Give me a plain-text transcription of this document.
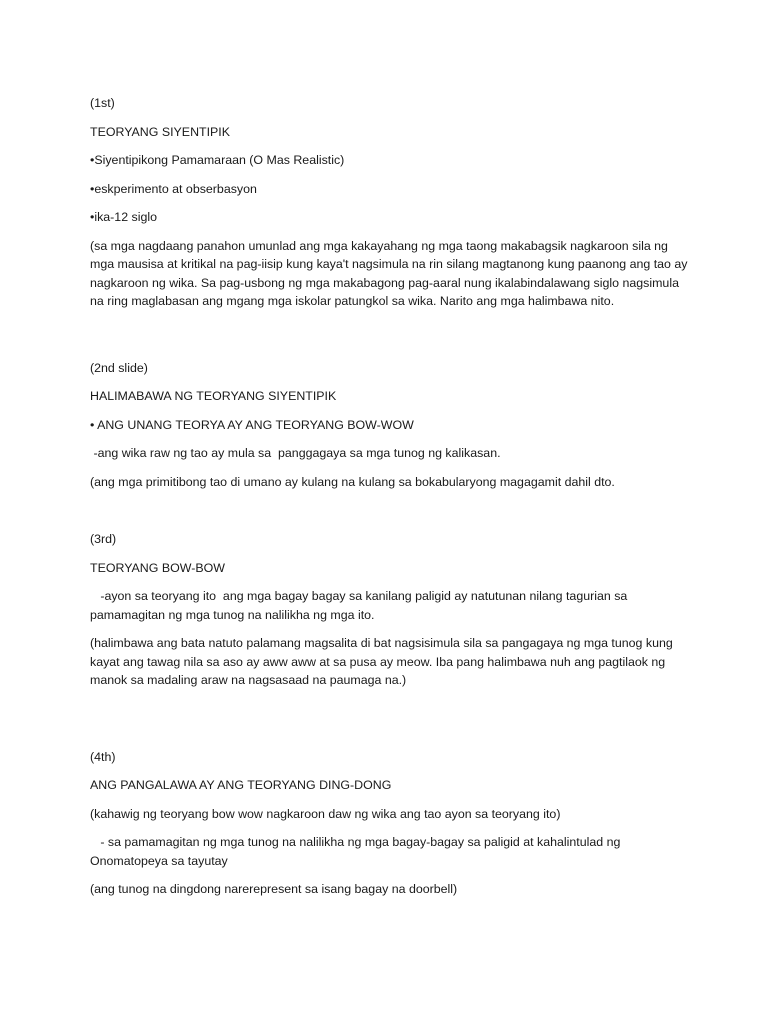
(1st)

TEORYANG SIYENTIPIK

•Siyentipikong Pamamaraan (O Mas Realistic)

•eskperimento at obserbasyon

•ika-12 siglo

(sa mga nagdaang panahon umunlad ang mga kakayahang ng mga taong makabagsik nagkaroon sila ng mga mausisa at kritikal na pag-iisip kung kaya't nagsimula na rin silang magtanong kung paanong ang tao ay nagkaroon ng wika. Sa pag-usbong ng mga makabagong pag-aaral nung ikalabindalawang siglo nagsimula na ring maglabasan ang mgang mga iskolar patungkol sa wika. Narito ang mga halimbawa nito.

(2nd slide)

HALIMABAWA NG TEORYANG SIYENTIPIK

• ANG UNANG TEORYA AY ANG TEORYANG BOW-WOW

-ang wika raw ng tao ay mula sa  panggagaya sa mga tunog ng kalikasan.

(ang mga primitibong tao di umano ay kulang na kulang sa bokabularyong magagamit dahil dto.

(3rd)

TEORYANG BOW-BOW

-ayon sa teoryang ito  ang mga bagay bagay sa kanilang paligid ay natutunan nilang tagurian sa pamamagitan ng mga tunog na nalilikha ng mga ito.

(halimbawa ang bata natuto palamang magsalita di bat nagsisimula sila sa pangagaya ng mga tunog kung kayat ang tawag nila sa aso ay aww aww at sa pusa ay meow. Iba pang halimbawa nuh ang pagtilaok ng manok sa madaling araw na nagsasaad na paumaga na.)

(4th)

ANG PANGALAWA AY ANG TEORYANG DING-DONG

(kahawig ng teoryang bow wow nagkaroon daw ng wika ang tao ayon sa teoryang ito)

- sa pamamagitan ng mga tunog na nalilikha ng mga bagay-bagay sa paligid at kahalintulad ng Onomatopeya sa tayutay

(ang tunog na dingdong narerepresent sa isang bagay na doorbell)
